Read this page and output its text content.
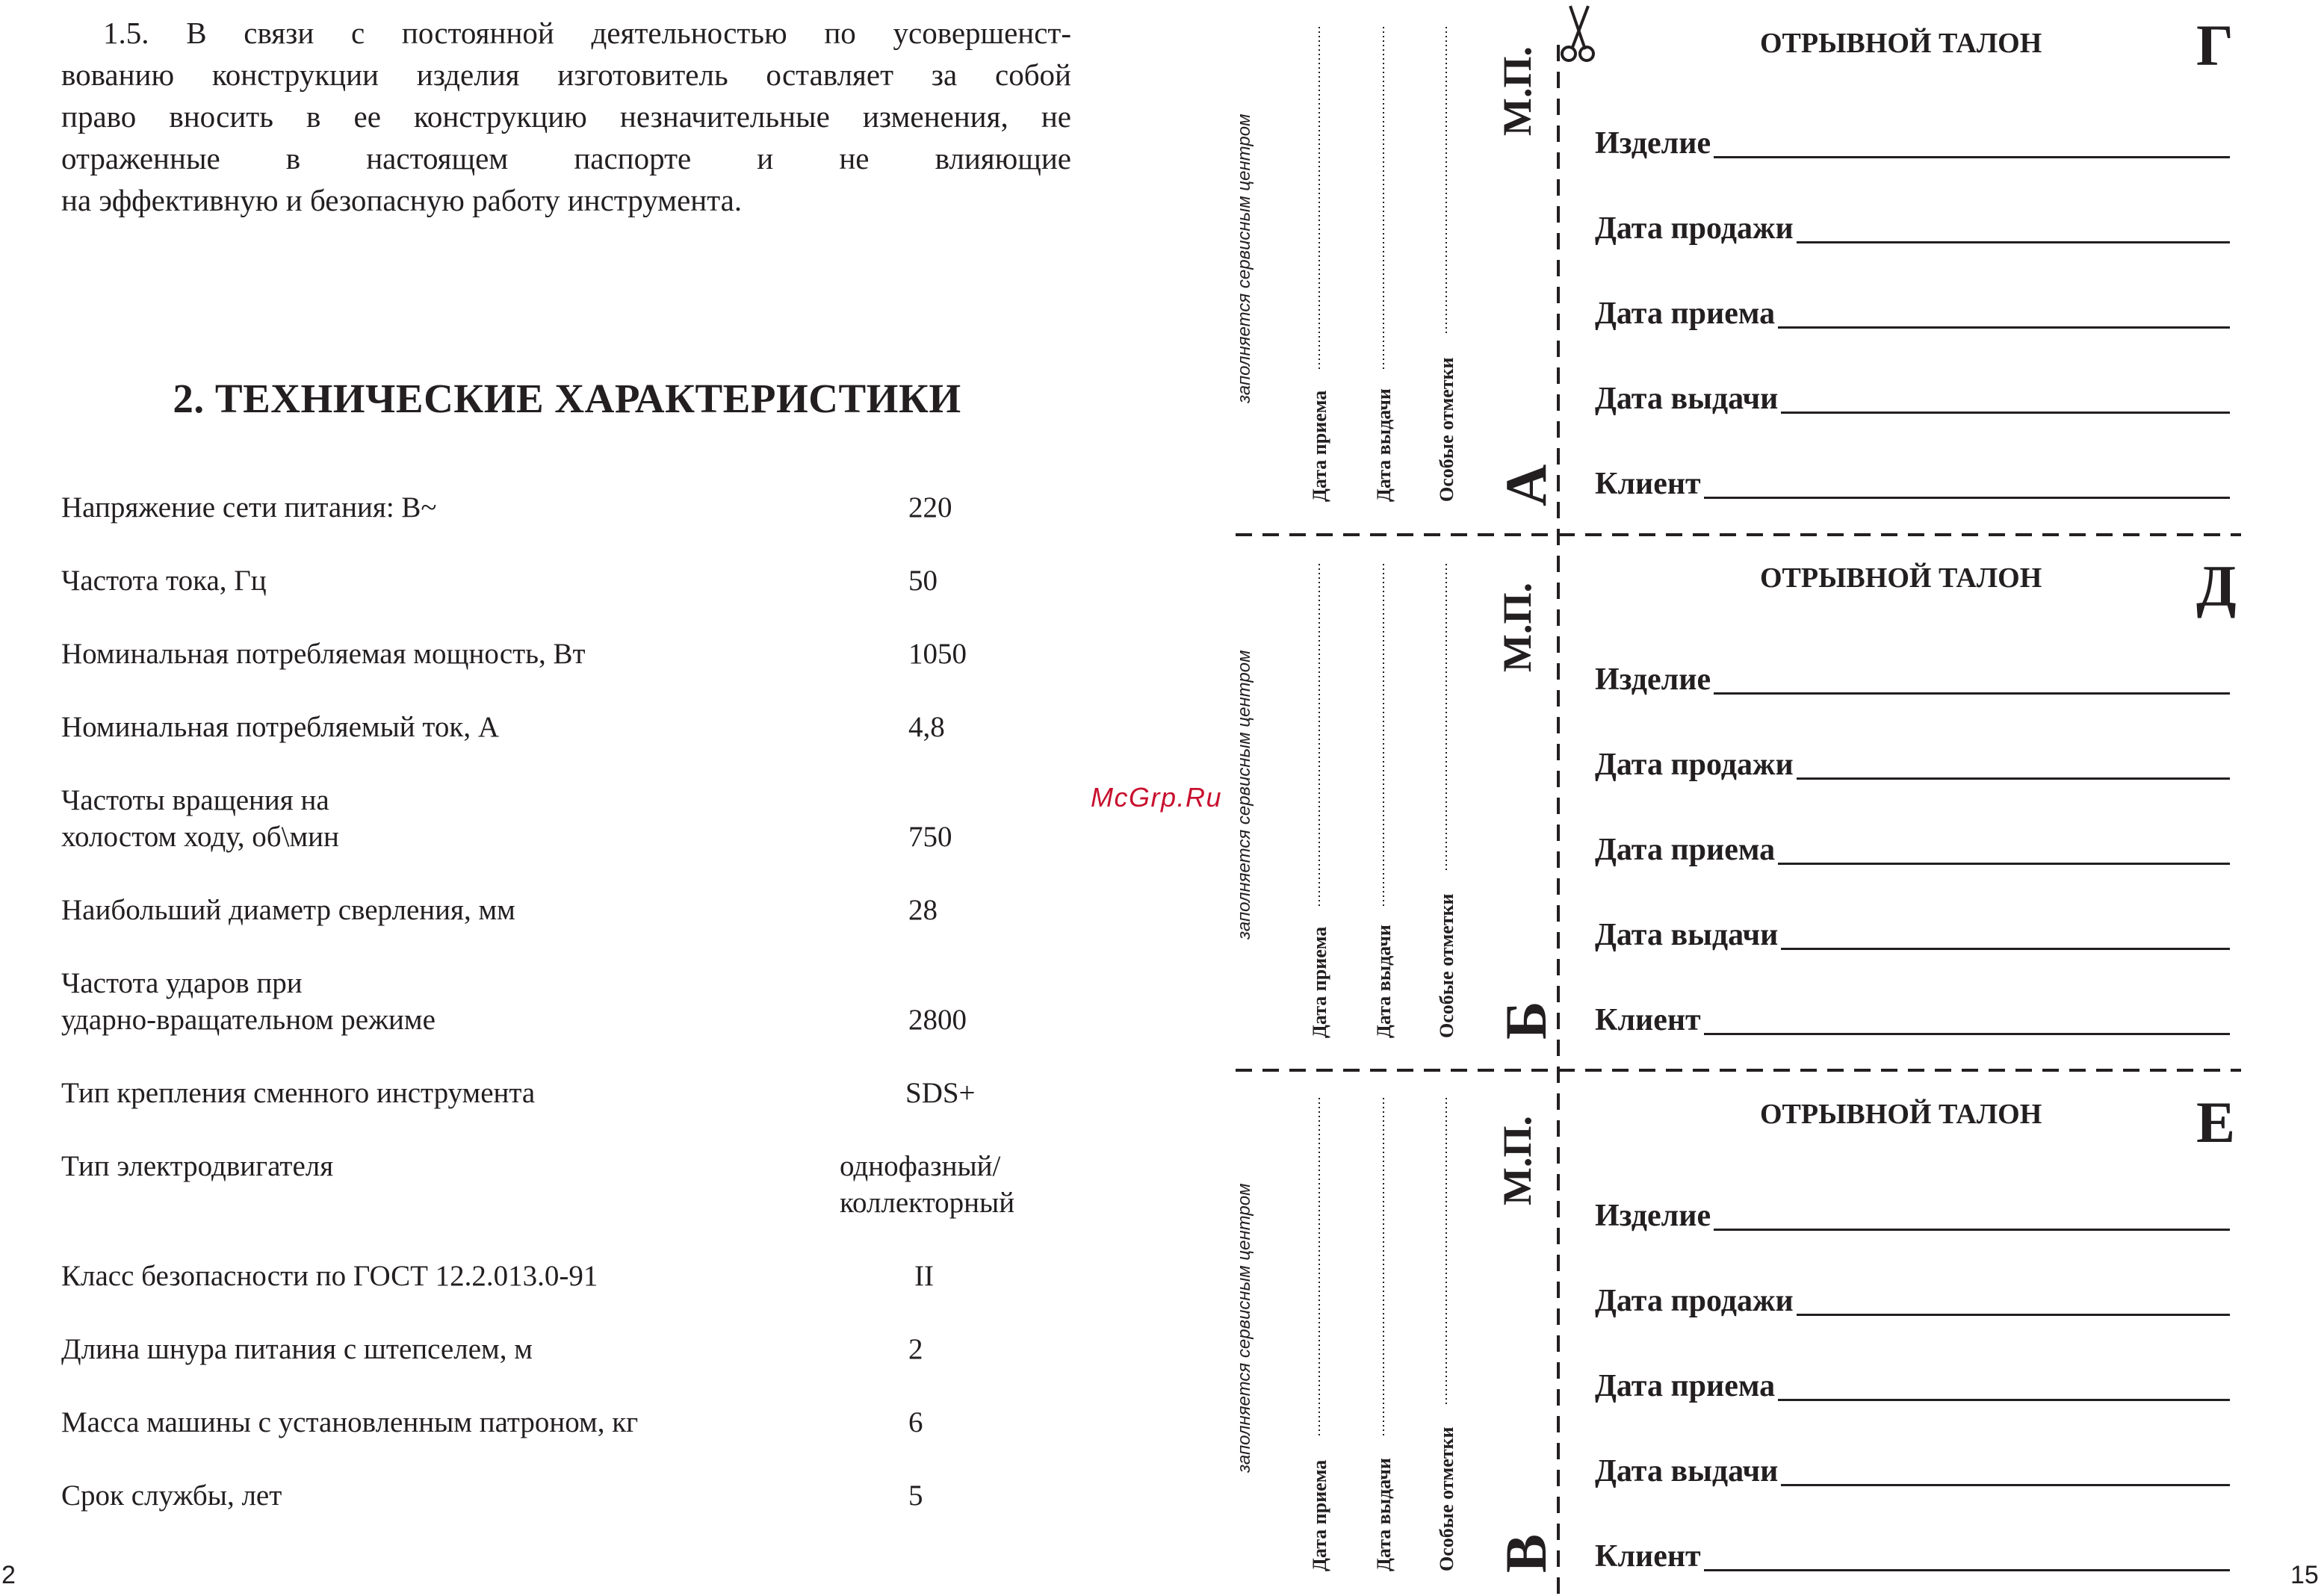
1.5. В связи с постоянной деятельностью по усовершенст-
вованию конструкции изделия изготовитель оставляет за собой
право вносить в ее конструкцию незначительные изменения, не
отраженные в настоящем паспорте и не влияющие
на эффективную и безопасную работу инструмента.
2. ТЕХНИЧЕСКИЕ ХАРАКТЕРИСТИКИ
Напряжение сети питания: В~	220
Частота тока, Гц	50
Номинальная потребляемая мощность, Вт	1050
Номинальная потребляемый ток, А	4,8
Частоты вращения на
холостом ходу, об\мин	750
Наибольший диаметр сверления, мм	28
Частота ударов при
ударно-вращательном режиме	2800
Тип крепления сменного инструмента	SDS+
Тип электродвигателя	однофазный/
коллекторный
Класс безопасности по ГОСТ 12.2.013.0-91	II
Длина шнура питания с штепселем, м	2
Масса машины с установленным патроном, кг	6
Срок службы, лет	5
2
McGrp.Ru
заполняется сервисным центром
Дата приема Дата выдачи Особые отметки
М.П.
А
ОТРЫВНОЙ ТАЛОН	Г
Изделие
Дата продажи
Дата приема
Дата выдачи
Клиент
заполняется сервисным центром
Дата приема Дата выдачи Особые отметки
М.П.
Б
ОТРЫВНОЙ ТАЛОН	Д
Изделие
Дата продажи
Дата приема
Дата выдачи
Клиент
заполняется сервисным центром
Дата приема Дата выдачи Особые отметки
М.П.
В
ОТРЫВНОЙ ТАЛОН	Е
Изделие
Дата продажи
Дата приема
Дата выдачи
Клиент
15
